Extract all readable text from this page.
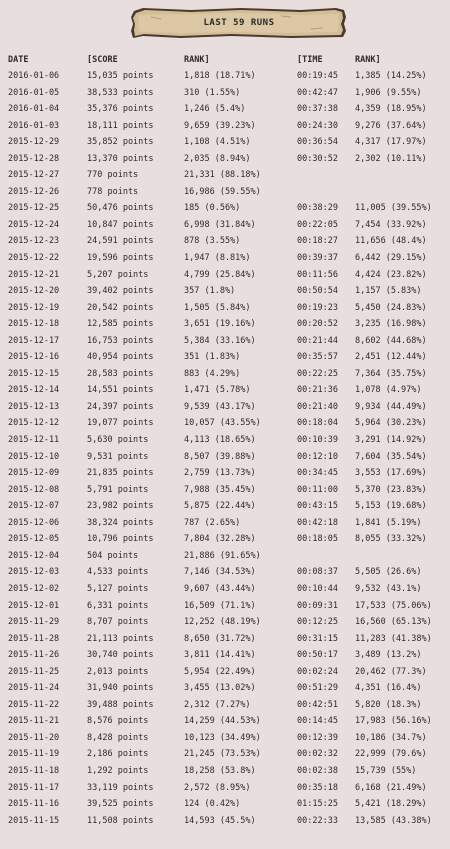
LAST 59 RUNS
DATE	[SCORE	RANK]	[TIME	RANK]
2016-01-06	15,035 points	1,818 (18.71%)	00:19:45 1,385 (14.25%)
2016-01-05	38,533 points	310 (1.55%)	00:42:47 1,906 (9.55%)
2016-01-04	35,376 points	1,246 (5.4%)	00:37:38 4,359 (18.95%)
2016-01-03	18,111 points	9,659 (39.23%)	00:24:30 9,276 (37.64%)
2015-12-29	35,852 points	1,108 (4.51%)	00:36:54 4,317 (17.97%)
2015-12-28	13,370 points	2,035 (8.94%)	00:30:52 2,302 (10.11%)
2015-12-27	770 points	21,331 (88.18%)
2015-12-26	778 points	16,986 (59.55%)
2015-12-25	50,476 points	185 (0.56%)	00:38:29 11,005 (39.55%)
2015-12-24	10,847 points	6,998 (31.84%)	00:22:05 7,454 (33.92%)
2015-12-23	24,591 points	878 (3.55%)	00:18:27 11,656 (48.4%)
2015-12-22	19,596 points	1,947 (8.81%)	00:39:37 6,442 (29.15%)
2015-12-21	5,207 points	4,799 (25.84%)	00:11:56 4,424 (23.82%)
2015-12-20	39,402 points	357 (1.8%)	00:50:54 1,157 (5.83%)
2015-12-19	20,542 points	1,505 (5.84%)	00:19:23 5,450 (24.83%)
2015-12-18	12,585 points	3,651 (19.16%)	00:20:52 3,235 (16.98%)
2015-12-17	16,753 points	5,384 (33.16%)	00:21:44 8,602 (44.68%)
2015-12-16	40,954 points	351 (1.83%)	00:35:57 2,451 (12.44%)
2015-12-15	28,583 points	883 (4.29%)	00:22:25 7,364 (35.75%)
2015-12-14	14,551 points	1,471 (5.78%)	00:21:36 1,078 (4.97%)
2015-12-13	24,397 points	9,539 (43.17%)	00:21:40 9,934 (44.49%)
2015-12-12	19,077 points	10,057 (43.55%)	00:18:04 5,964 (30.23%)
2015-12-11	5,630 points	4,113 (18.65%)	00:10:39 3,291 (14.92%)
2015-12-10	9,531 points	8,507 (39.88%)	00:12:10 7,604 (35.54%)
2015-12-09	21,835 points	2,759 (13.73%)	00:34:45 3,553 (17.69%)
2015-12-08	5,791 points	7,988 (35.45%)	00:11:00 5,370 (23.83%)
2015-12-07	23,982 points	5,875 (22.44%)	00:43:15 5,153 (19.68%)
2015-12-06	38,324 points	787 (2.65%)	00:42:18 1,841 (5.19%)
2015-12-05	10,796 points	7,804 (32.28%)	00:18:05 8,055 (33.32%)
2015-12-04	504 points	21,886 (91.65%)
2015-12-03	4,533 points	7,146 (34.53%)	00:08:37 5,505 (26.6%)
2015-12-02	5,127 points	9,607 (43.44%)	00:10:44 9,532 (43.1%)
2015-12-01	6,331 points	16,509 (71.1%)	00:09:31 17,533 (75.06%)
2015-11-29	8,707 points	12,252 (48.19%)	00:12:25 16,560 (65.13%)
2015-11-28	21,113 points	8,650 (31.72%)	00:31:15 11,283 (41.38%)
2015-11-26	30,740 points	3,811 (14.41%)	00:50:17 3,489 (13.2%)
2015-11-25	2,013 points	5,954 (22.49%)	00:02:24 20,462 (77.3%)
2015-11-24	31,940 points	3,455 (13.02%)	00:51:29 4,351 (16.4%)
2015-11-22	39,488 points	2,312 (7.27%)	00:42:51 5,820 (18.3%)
2015-11-21	8,576 points	14,259 (44.53%)	00:14:45 17,983 (56.16%)
2015-11-20	8,428 points	10,123 (34.49%)	00:12:39 10,186 (34.7%)
2015-11-19	2,186 points	21,245 (73.53%)	00:02:32 22,999 (79.6%)
2015-11-18	1,292 points	18,258 (53.8%)	00:02:38 15,739 (55%)
2015-11-17	33,119 points	2,572 (8.95%)	00:35:18 6,168 (21.49%)
2015-11-16	39,525 points	124 (0.42%)	01:15:25 5,421 (18.29%)
2015-11-15	11,508 points	14,593 (45.5%)	00:22:33 13,585 (43.38%)
